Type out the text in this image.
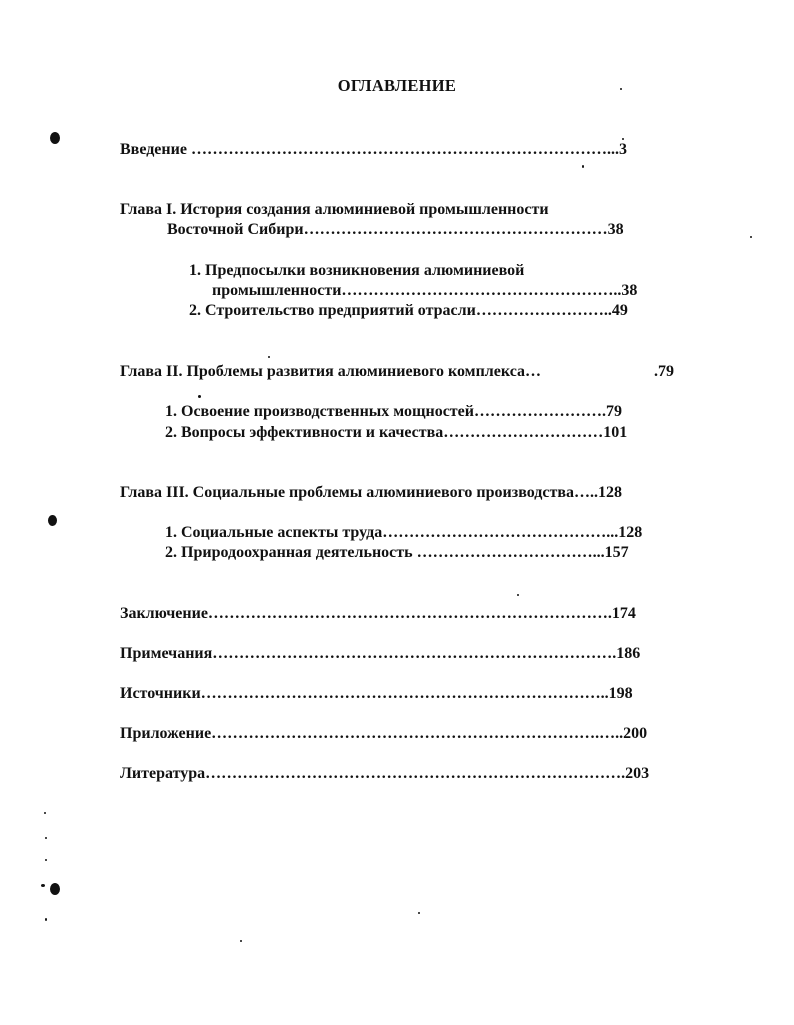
ОГЛАВЛЕНИЕ
Введение ……………………………………………………………………...3
Глава I. История создания алюминиевой промышленности
Восточной Сибири…………………………………………………38
1. Предпосылки возникновения алюминиевой
промышленности……………………………………………..38
2. Строительство предприятий отрасли……………………..49
Глава II. Проблемы развития алюминиевого комплекса…	.79
1. Освоение производственных мощностей…………………….79
2. Вопросы эффективности и качества…………………………101
Глава III. Социальные проблемы алюминиевого производства…..128
1. Социальные аспекты труда……………………………………...128
2. Природоохранная деятельность ……………………………...157
Заключение………………………………………………………………….174
Примечания………………………………………………………………….186
Источники…………………………………………………………………..198
Приложение……………………………………………………………….…..200
Литература…………………………………………………………………….203
